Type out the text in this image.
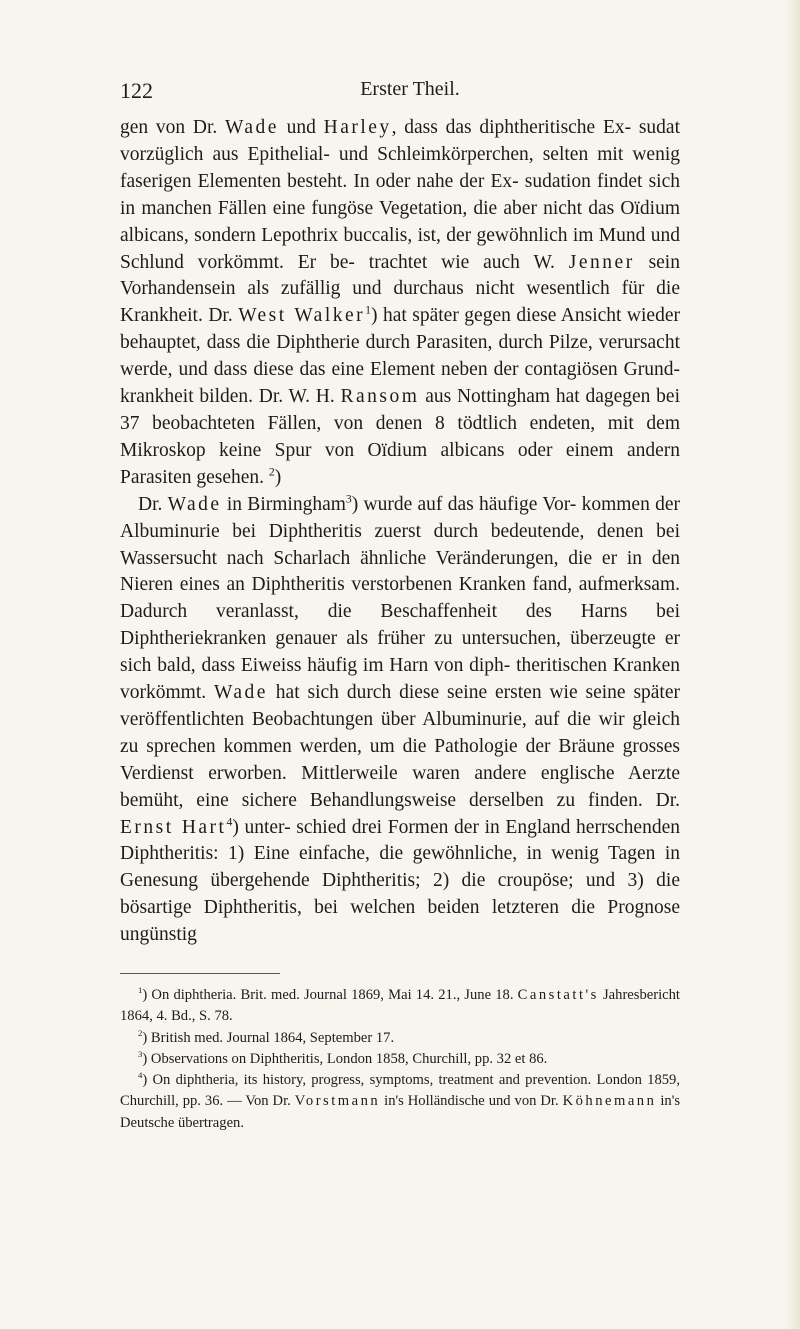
122	Erster Theil.

gen von Dr. Wade und Harley, dass das diphtheritische Ex- sudat vorzüglich aus Epithelial- und Schleimkörperchen, selten mit wenig faserigen Elementen besteht. In oder nahe der Ex- sudation findet sich in manchen Fällen eine fungöse Vegetation, die aber nicht das Oïdium albicans, sondern Lepothrix buccalis, ist, der gewöhnlich im Mund und Schlund vorkömmt. Er be- trachtet wie auch W. Jenner sein Vorhandensein als zufällig und durchaus nicht wesentlich für die Krankheit. Dr. West Walker$^1$) hat später gegen diese Ansicht wieder behauptet, dass die Diphtherie durch Parasiten, durch Pilze, verursacht werde, und dass diese das eine Element neben der contagiösen Grund- krankheit bilden. Dr. W. H. Ransom aus Nottingham hat dagegen bei 37 beobachteten Fällen, von denen 8 tödtlich endeten, mit dem Mikroskop keine Spur von Oïdium albicans oder einem andern Parasiten gesehen. $^2$)

Dr. Wade in Birmingham$^3$) wurde auf das häufige Vor- kommen der Albuminurie bei Diphtheritis zuerst durch bedeutende, denen bei Wassersucht nach Scharlach ähnliche Veränderungen, die er in den Nieren eines an Diphtheritis verstorbenen Kranken fand, aufmerksam. Dadurch veranlasst, die Beschaffenheit des Harns bei Diphtheriekranken genauer als früher zu untersuchen, überzeugte er sich bald, dass Eiweiss häufig im Harn von diph- theritischen Kranken vorkömmt. Wade hat sich durch diese seine ersten wie seine später veröffentlichten Beobachtungen über Albuminurie, auf die wir gleich zu sprechen kommen werden, um die Pathologie der Bräune grosses Verdienst erworben. Mittlerweile waren andere englische Aerzte bemüht, eine sichere Behandlungsweise derselben zu finden. Dr. Ernst Hart$^4$) unter- schied drei Formen der in England herrschenden Diphtheritis: 1) Eine einfache, die gewöhnliche, in wenig Tagen in Genesung übergehende Diphtheritis; 2) die croupöse; und 3) die bösartige Diphtheritis, bei welchen beiden letzteren die Prognose ungünstig

$^1$) On diphtheria. Brit. med. Journal 1869, Mai 14. 21., June 18. Canstatt's Jahresbericht 1864, 4. Bd., S. 78.

$^2$) British med. Journal 1864, September 17.

$^3$) Observations on Diphtheritis, London 1858, Churchill, pp. 32 et 86.

$^4$) On diphtheria, its history, progress, symptoms, treatment and prevention. London 1859, Churchill, pp. 36. — Von Dr. Vorstmann in's Holländische und von Dr. Köhnemann in's Deutsche übertragen.
